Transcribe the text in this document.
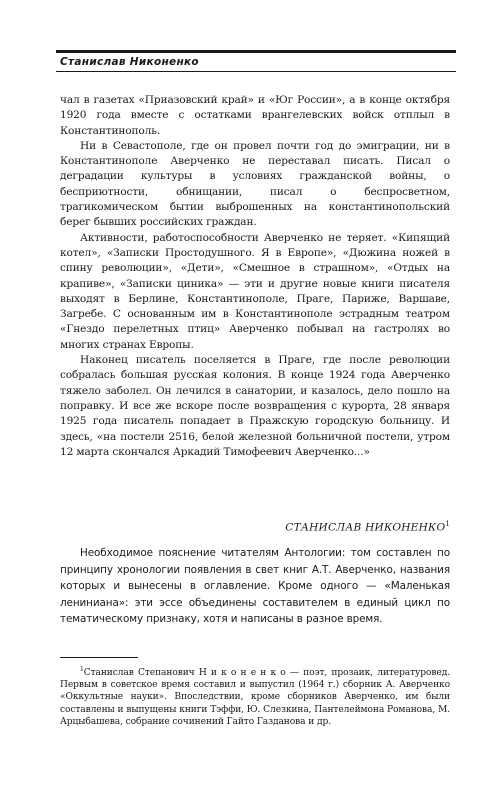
Станислав Никоненко

чал в газетах «Приазовский край» и «Юг России», а в конце октября 1920 года вместе с остатками врангелевских войск отплыл в Константинополь.

Ни в Севастополе, где он провел почти год до эмиграции, ни в Константинополе Аверченко не переставал писать. Писал о деградации культуры в условиях гражданской войны, о бесприютности, обнищании, писал о беспросветном, трагикомическом бытии выброшенных на константинопольский берег бывших российских граждан.

Активности, работоспособности Аверченко не теряет. «Кипящий котел», «Записки Простодушного. Я в Европе», «Дюжина ножей в спину революции», «Дети», «Смешное в страшном», «Отдых на крапиве», «Записки циника» — эти и другие новые книги писателя выходят в Берлине, Константинополе, Праге, Париже, Варшаве, Загребе. С основанным им в Константинополе эстрадным театром «Гнездо перелетных птиц» Аверченко побывал на гастролях во многих странах Европы.

Наконец писатель поселяется в Праге, где после революции собралась большая русская колония. В конце 1924 года Аверченко тяжело заболел. Он лечился в санатории, и казалось, дело пошло на поправку. И все же вскоре после возвращения с курорта, 28 января 1925 года писатель попадает в Пражскую городскую больницу. И здесь, «на постели 2516, белой железной больничной постели, утром 12 марта скончался Аркадий Тимофеевич Аверченко...»

СТАНИСЛАВ НИКОНЕНКО$^1$
Необходимое пояснение читателям Антологии: том составлен по принципу хронологии появления в свет книг А.Т. Аверченко, названия которых и вынесены в оглавление. Кроме одного — «Маленькая лениниана»: эти эссе объединены составителем в единый цикл по тематическому признаку, хотя и написаны в разное время.
$^1$Станислав Степанович Н и к о н е н к о — поэт, прозаик, литературовед. Первым в советское время составил и выпустил (1964 г.) сборник А. Аверченко «Оккультные науки». Впоследствии, кроме сборников Аверченко, им были составлены и выпущены книги Тэффи, Ю. Слезкина, Пантелеймона Романова, М. Арцыбашева, собрание сочинений Гайто Газданова и др.
